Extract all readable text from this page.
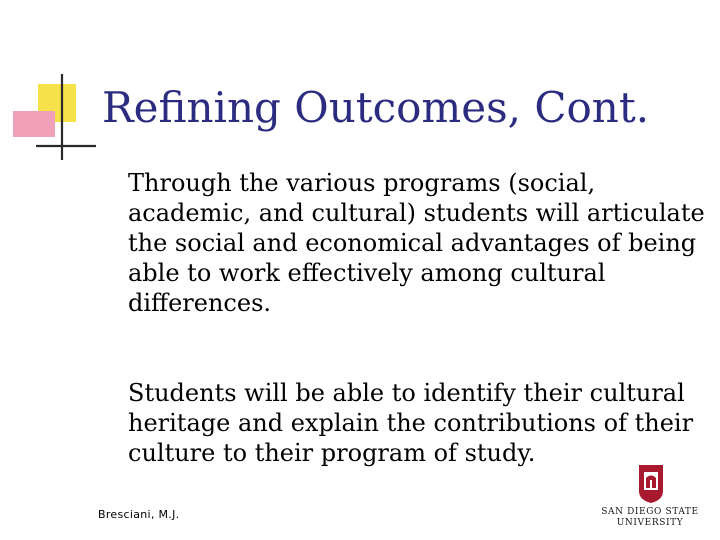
Refining Outcomes, Cont.

Through the various programs (social, academic, and cultural) students will articulate the social and economical advantages of being able to work effectively among cultural differences.

Students will be able to identify their cultural heritage and explain the contributions of their culture to their program of study.

Bresciani, M.J.	SAN DIEGO STATE
UNIVERSITY
